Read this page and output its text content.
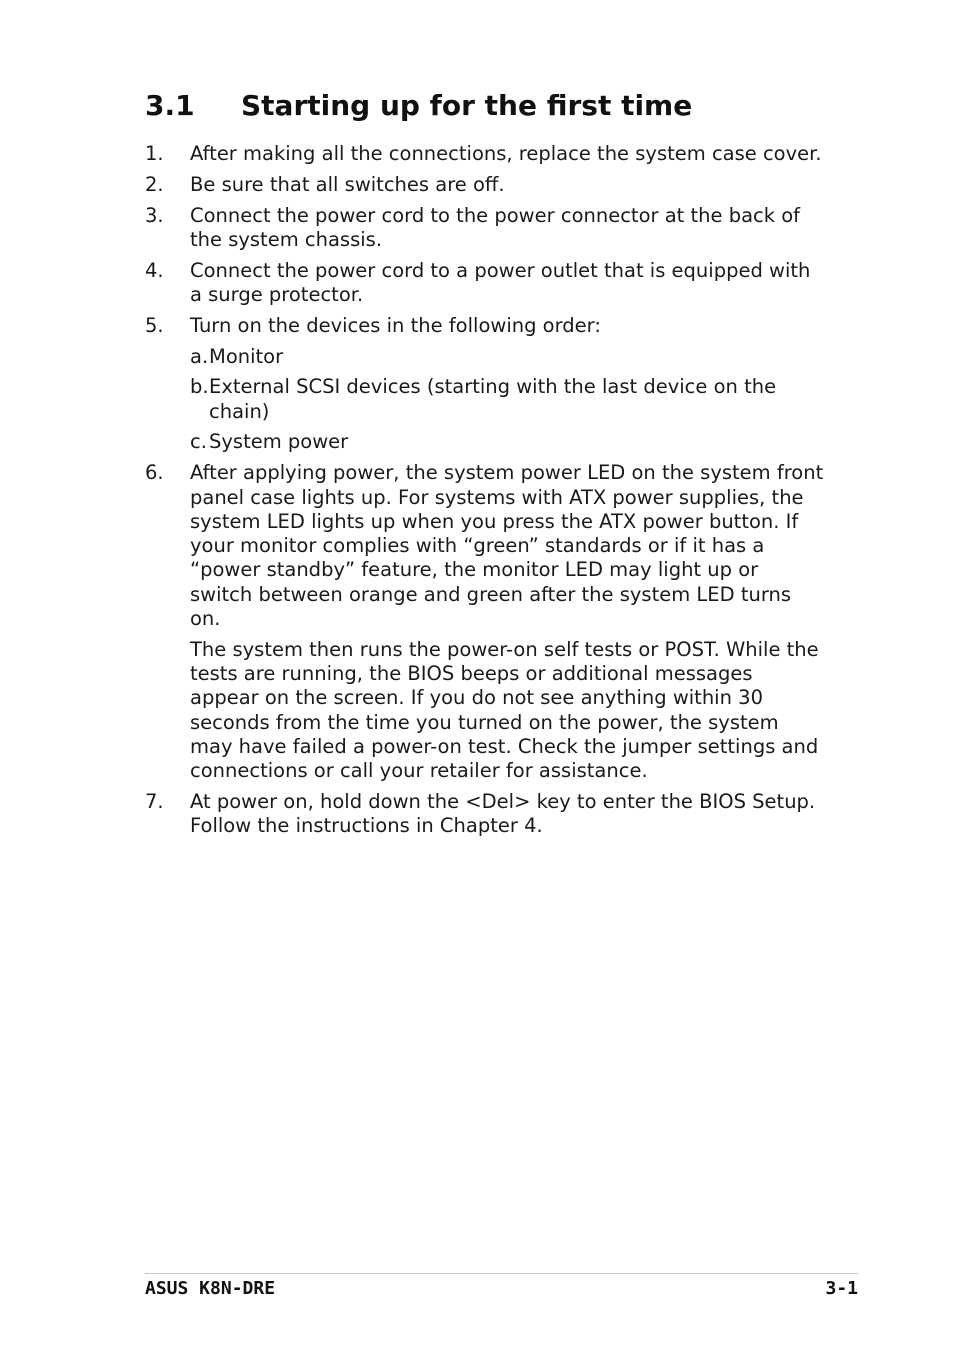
3.1 Starting up for the first time
1. After making all the connections, replace the system case cover.
2. Be sure that all switches are off.
3. Connect the power cord to the power connector at the back of the system chassis.
4. Connect the power cord to a power outlet that is equipped with a surge protector.
5. Turn on the devices in the following order:
a. Monitor
b. External SCSI devices (starting with the last device on the chain)
c. System power
6. After applying power, the system power LED on the system front panel case lights up. For systems with ATX power supplies, the system LED lights up when you press the ATX power button. If your monitor complies with “green” standards or if it has a “power standby” feature, the monitor LED may light up or switch between orange and green after the system LED turns on.

The system then runs the power-on self tests or POST. While the tests are running, the BIOS beeps or additional messages appear on the screen. If you do not see anything within 30 seconds from the time you turned on the power, the system may have failed a power-on test. Check the jumper settings and connections or call your retailer for assistance.

7. At power on, hold down the <Del> key to enter the BIOS Setup. Follow the instructions in Chapter 4.
ASUS K8N-DRE	3-1
